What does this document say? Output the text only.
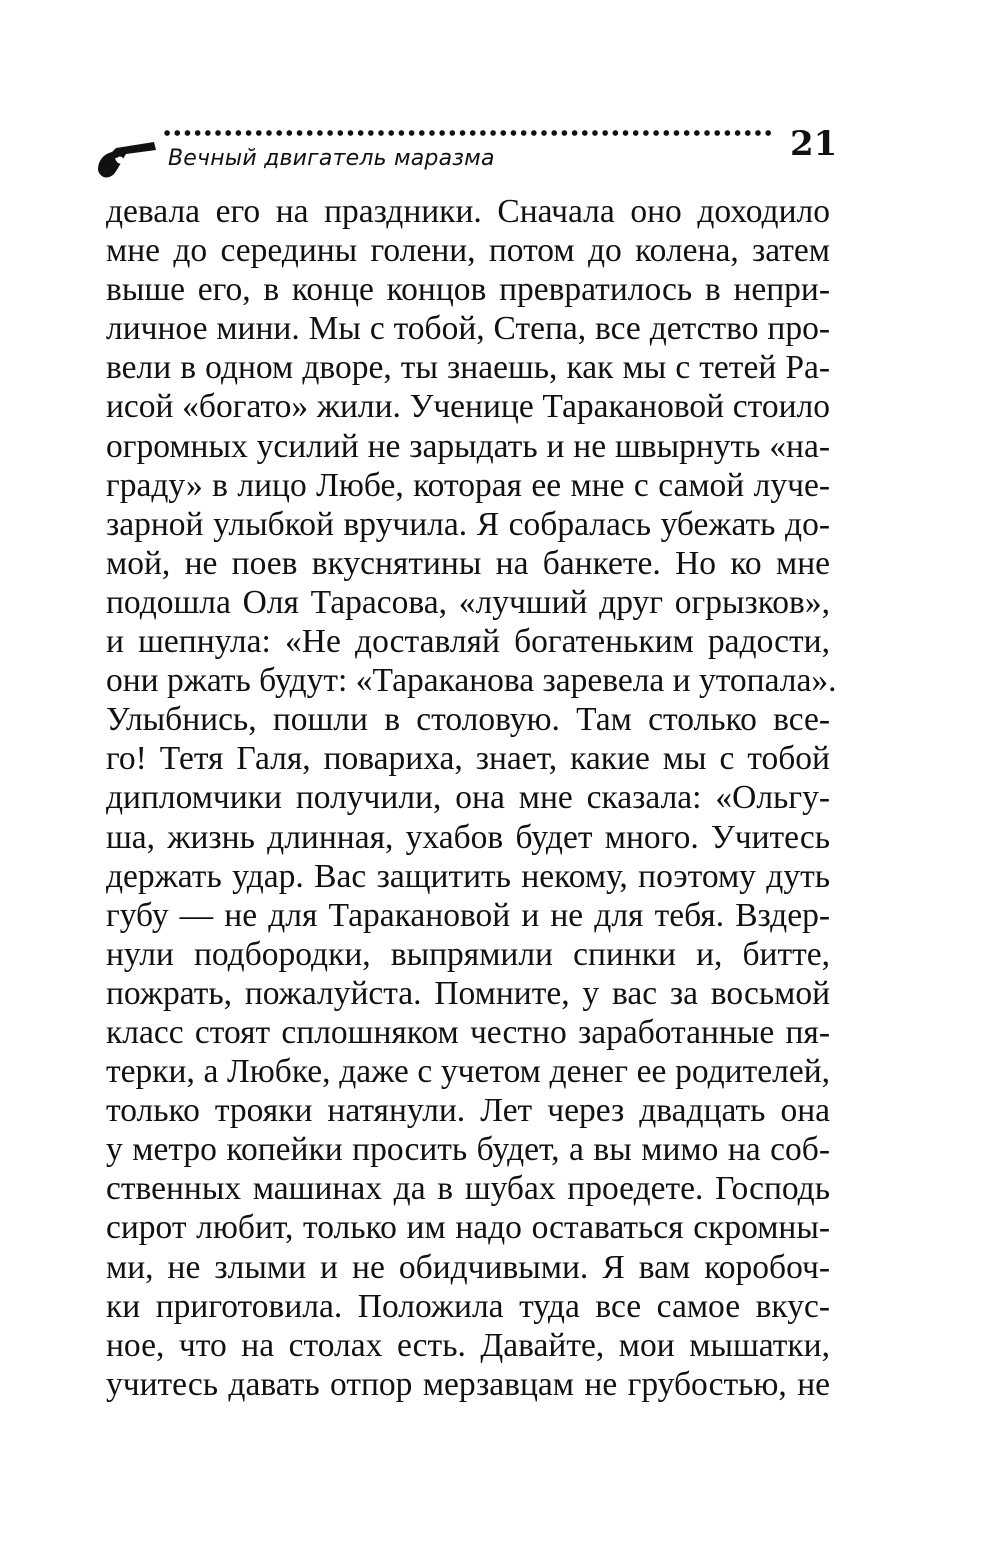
Вечный двигатель маразма	21
девала его на праздники. Сначала оно доходило
мне до середины голени, потом до колена, затем
выше его, в конце концов превратилось в непри-
личное мини. Мы с тобой, Степа, все детство про-
вели в одном дворе, ты знаешь, как мы с тетей Ра-
исой «богато» жили. Ученице Таракановой стоило
огромных усилий не зарыдать и не швырнуть «на-
граду» в лицо Любе, которая ее мне с самой луче-
зарной улыбкой вручила. Я собралась убежать до-
мой, не поев вкуснятины на банкете. Но ко мне
подошла Оля Тарасова, «лучший друг огрызков»,
и шепнула: «Не доставляй богатеньким радости,
они ржать будут: «Тараканова заревела и утопала».
Улыбнись, пошли в столовую. Там столько все-
го! Тетя Галя, повариха, знает, какие мы с тобой
дипломчики получили, она мне сказала: «Ольгу-
ша, жизнь длинная, ухабов будет много. Учитесь
держать удар. Вас защитить некому, поэтому дуть
губу — не для Таракановой и не для тебя. Вздер-
нули подбородки, выпрямили спинки и, битте,
пожрать, пожалуйста. Помните, у вас за восьмой
класс стоят сплошняком честно заработанные пя-
терки, а Любке, даже с учетом денег ее родителей,
только трояки натянули. Лет через двадцать она
у метро копейки просить будет, а вы мимо на соб-
ственных машинах да в шубах проедете. Господь
сирот любит, только им надо оставаться скромны-
ми, не злыми и не обидчивыми. Я вам коробоч-
ки приготовила. Положила туда все самое вкус-
ное, что на столах есть. Давайте, мои мышатки,
учитесь давать отпор мерзавцам не грубостью, не
